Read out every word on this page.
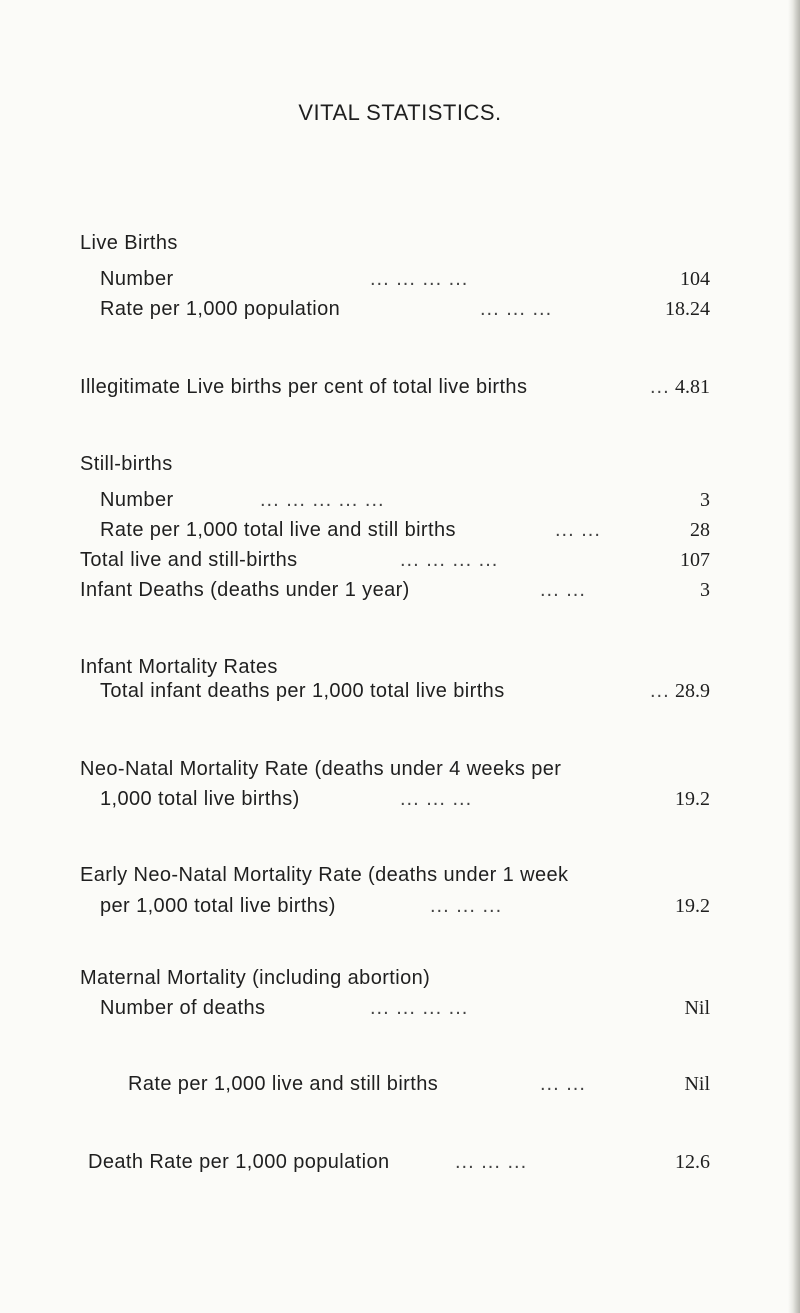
VITAL STATISTICS.
Live Births
Number	... ... ... ...	104
Rate per 1,000 population	... ... ...	18.24
Illegitimate Live births per cent of total live births	... 4.81
Still-births
Number	... ... ... ... ...	3
Rate per 1,000 total live and still births	... ...	28
Total live and still-births	... ... ... ...	107
Infant Deaths (deaths under 1 year)	... ...	3
Infant Mortality Rates
Total infant deaths per 1,000 total live births	... 28.9
Neo-Natal Mortality Rate (deaths under 4 weeks per
1,000 total live births)	... ... ...	19.2
Early Neo-Natal Mortality Rate (deaths under 1 week
per 1,000 total live births)	... ... ...	19.2
Maternal Mortality (including abortion)
Number of deaths	... ... ... ...	Nil
Rate per 1,000 live and still births	... ...	Nil
Death Rate per 1,000 population	... ... ...	12.6
